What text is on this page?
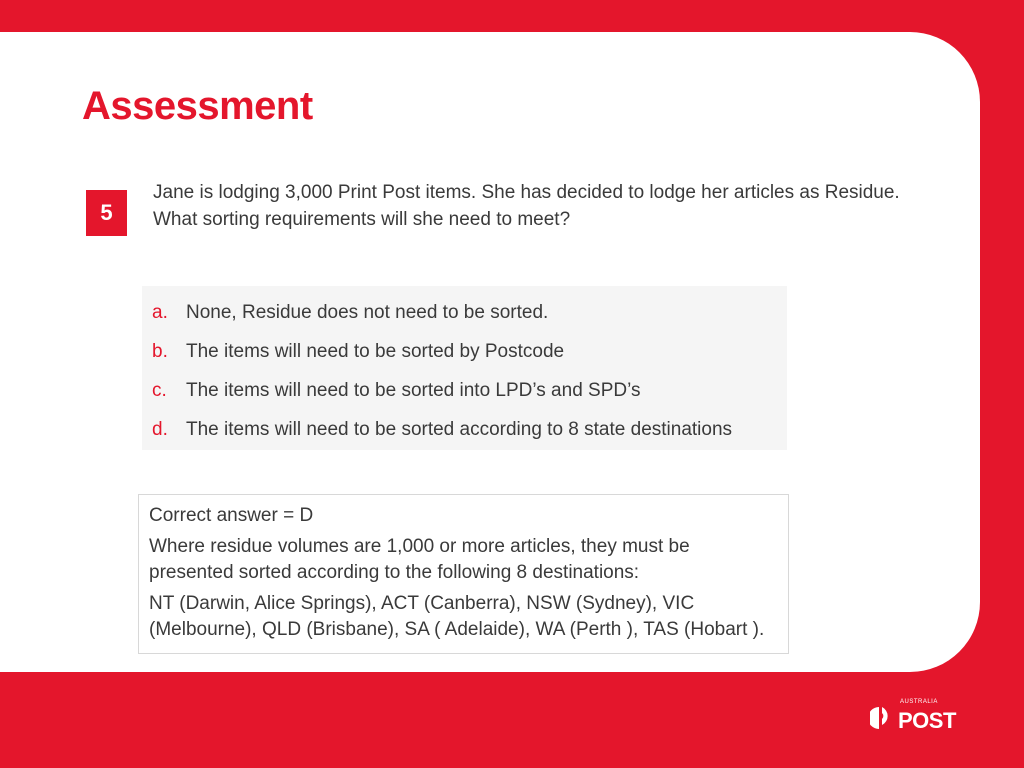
Assessment
5

Jane is lodging 3,000 Print Post items. She has decided to lodge her articles as Residue.

What sorting requirements will she need to meet?

a. None, Residue does not need to be sorted.
b. The items will need to be sorted by Postcode
c.	The items will need to be sorted into LPD’s and SPD’s
d. The items will need to be sorted according to 8 state destinations

Correct answer = D

Where residue volumes are 1,000 or more articles, they must be presented sorted according to the following 8 destinations:

NT (Darwin, Alice Springs), ACT (Canberra), NSW (Sydney), VIC (Melbourne), QLD (Brisbane), SA ( Adelaide), WA (Perth ), TAS (Hobart ).

AUSTRALIA
POST
